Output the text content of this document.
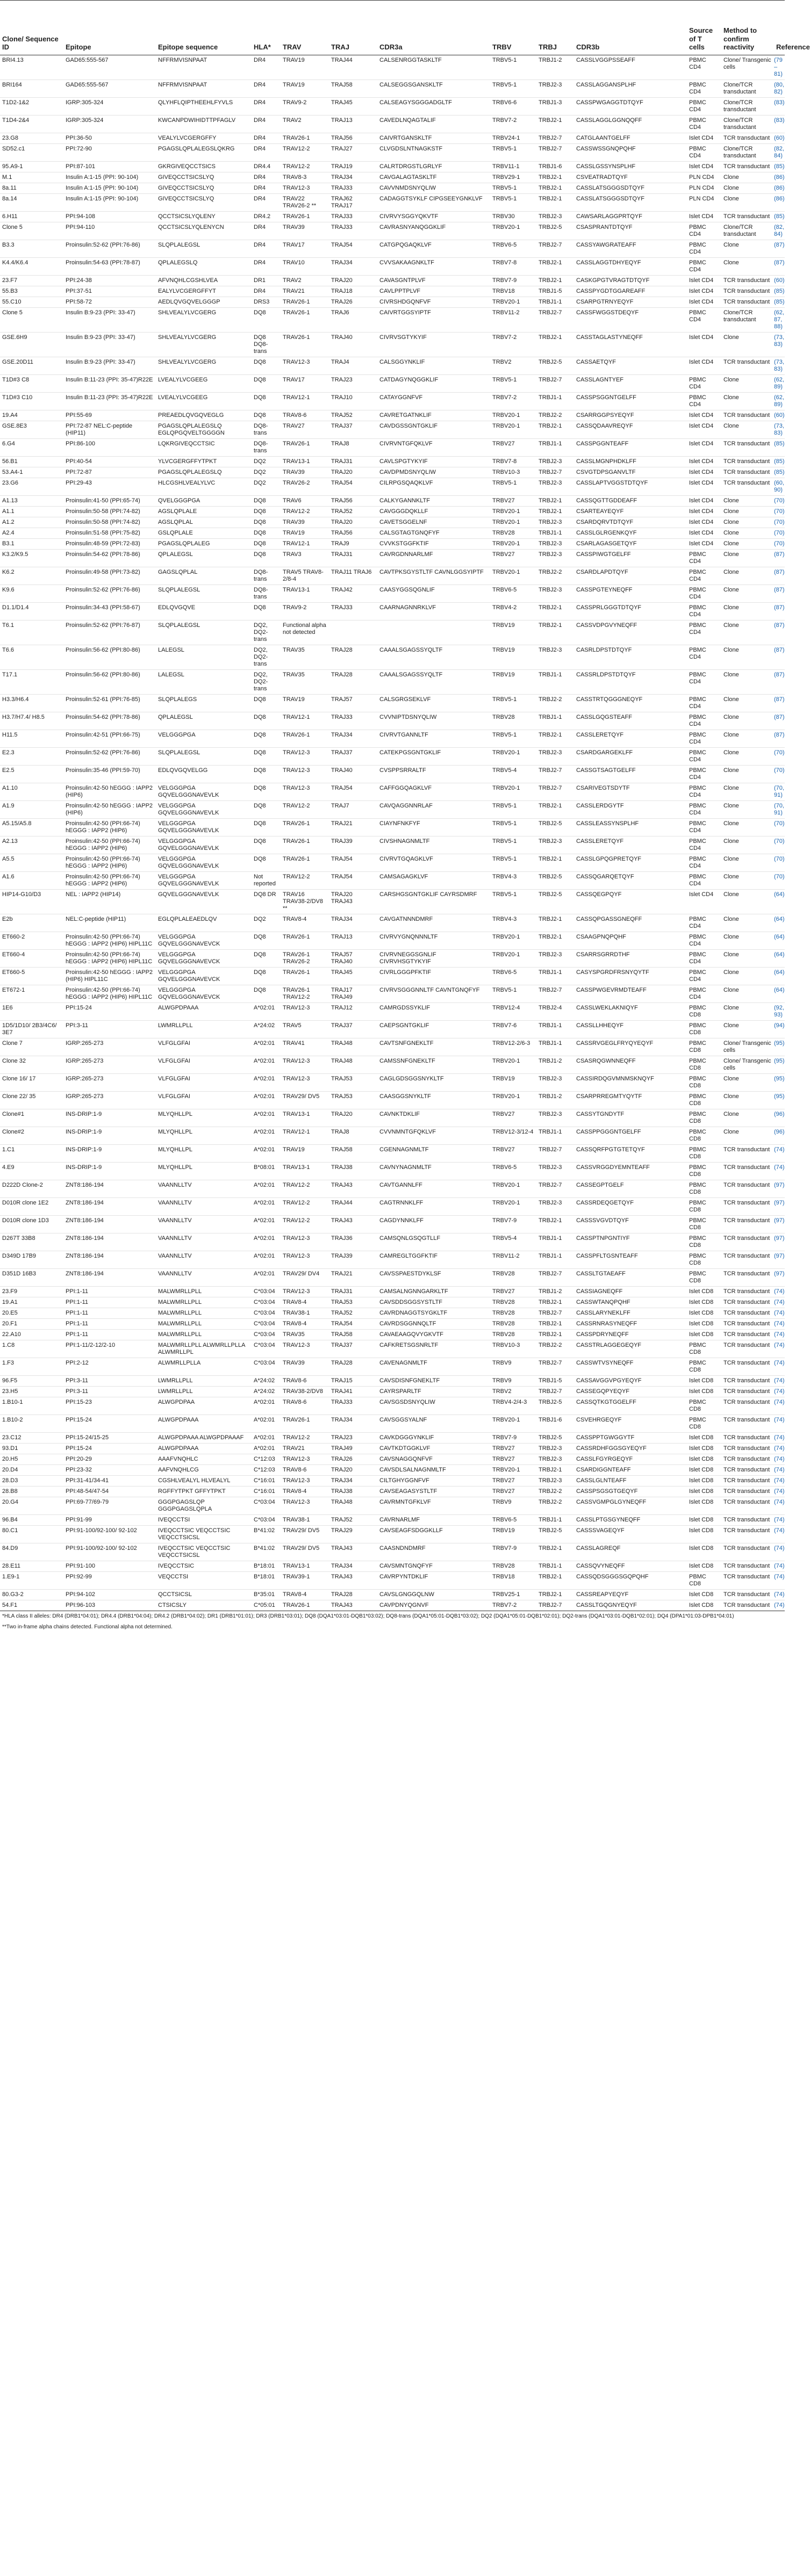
Clone/ Sequence ID	Epitope	Epitope sequence	HLA*	TRAV	TRAJ	CDR3a	TRBV	TRBJ	CDR3b	Source of T cells	Method to confirm reactivity	Reference
BRI4.13	GAD65:555-567	NFFRMVISNPAAT	DR4	TRAV19	TRAJ44	CALSENRGGTASKLTF	TRBV5-1	TRBJ1-2	CASSLVGGPSSEAFF	PBMC CD4	Clone/ Transgenic cells	(79–81)
BRI164	GAD65:555-567	NFFRMVISNPAAT	DR4	TRAV19	TRAJ58	CALSEGGSGANSKLTF	TRBV5-1	TRBJ2-3	CASSLAGGANSPLHF	PBMC CD4	Clone/TCR transductant	(80, 82)
T1D2-1&2	IGRP:305-324	QLYHFLQIPTHEEHLFYVLS	DR4	TRAV9-2	TRAJ45	CALSEAGYSGGGADGLTF	TRBV6-6	TRBJ1-3	CASSPWGAGGTDTQYF	PBMC CD4	Clone/TCR transductant	(83)
T1D4-2&4	IGRP:305-324	KWCANPDWIHIDTTPFAGLV	DR4	TRAV2	TRAJ13	CAVEDLNQAGTALIF	TRBV7-2	TRBJ2-1	CASSLAGGLGGNQQFF	PBMC CD4	Clone/TCR transductant	(83)
23.G8	PPI:36-50	VEALYLVCGERGFFY	DR4	TRAV26-1	TRAJ56	CAIVRTGANSKLTF	TRBV24-1	TRBJ2-7	CATGLAANTGELFF	Islet CD4	TCR transductant	(60)
SD52.c1	PPI:72-90	PGAGSLQPLALEGSLQKRG	DR4	TRAV12-2	TRAJ27	CLVGDSLNTNAGKSTF	TRBV5-1	TRBJ2-7	CASSWSSGNQPQHF	PBMC CD4	Clone/TCR transductant	(82, 84)
95.A9-1	PPI:87-101	GKRGIVEQCCTSICS	DR4.4	TRAV12-2	TRAJ19	CALRTDRGSTLGRLYF	TRBV11-1	TRBJ1-6	CASSLGSSYNSPLHF	Islet CD4	TCR transductant	(85)
M.1	Insulin A:1-15 (PPI: 90-104)	GIVEQCCTSICSLYQ	DR4	TRAV8-3	TRAJ34	CAVGALAGTASKLTF	TRBV29-1	TRBJ2-1	CSVEATRADTQYF	PLN CD4	Clone	(86)
8a.11	Insulin A:1-15 (PPI: 90-104)	GIVEQCCTSICSLYQ	DR4	TRAV12-3	TRAJ33	CAVVNMDSNYQLIW	TRBV5-1	TRBJ2-1	CASSLATSGGGSDTQYF	PLN CD4	Clone	(86)
8a.14	Insulin A:1-15 (PPI: 90-104)	GIVEQCCTSICSLYQ	DR4	TRAV22 TRAV26-2 **	TRAJ62 TRAJ17	CADAGGTSYKLF CIPGSEEYGNKLVF	TRBV5-1	TRBJ2-1	CASSLATSGGGSDTQYF	PLN CD4	Clone	(86)
6.H11	PPI:94-108	QCCTSICSLYQLENY	DR4.2	TRAV26-1	TRAJ33	CIVRVYSGGYQKVTF	TRBV30	TRBJ2-3	CAWSARLAGGPRTQYF	Islet CD4	TCR transductant	(85)
Clone 5	PPI:94-110	QCCTSICSLYQLENYCN	DR4	TRAV39	TRAJ33	CAVRASNYANQGGKLIF	TRBV20-1	TRBJ2-5	CSASPRANTDTQYF	PBMC CD4	Clone/TCR transductant	(82, 84)
B3.3	Proinsulin:52-62 (PPI:76-86)	SLQPLALEGSL	DR4	TRAV17	TRAJ54	CATGPQGAQKLVF	TRBV6-5	TRBJ2-7	CASSYAWGRATEAFF	PBMC CD4	Clone	(87)
K4.4/K6.4	Proinsulin:54-63 (PPI:78-87)	QPLALEGSLQ	DR4	TRAV10	TRAJ34	CVVSAKAAGNKLTF	TRBV7-8	TRBJ2-1	CASSLAGGTDHYEQYF	PBMC CD4	Clone	(87)
23.F7	PPI:24-38	AFVNQHLCGSHLVEA	DR1	TRAV2	TRAJ20	CAVASGNTPLVF	TRBV7-9	TRBJ2-1	CASKGPGTVRAGTDTQYF	Islet CD4	TCR transductant	(60)
55.B3	PPI:37-51	EALYLVCGERGFFYT	DR4	TRAV21	TRAJ18	CAVLPPTPLVF	TRBV18	TRBJ1-5	CASSPYGDTGGAREAFF	Islet CD4	TCR transductant	(85)
55.C10	PPI:58-72	AEDLQVGQVELGGGP	DRS3	TRAV26-1	TRAJ26	CIVRSHDGQNFVF	TRBV20-1	TRBJ1-1	CSARPGTRNYEQYF	Islet CD4	TCR transductant	(85)
Clone 5	Insulin B:9-23 (PPI: 33-47)	SHLVEALYLVCGERG	DQ8	TRAV26-1	TRAJ6	CAIVRTGGSYIPTF	TRBV11-2	TRBJ2-7	CASSFWGGSTDEQYF	PBMC CD4	Clone/TCR transductant	(62, 87, 88)
GSE.6H9	Insulin B:9-23 (PPI: 33-47)	SHLVEALYLVCGERG	DQ8 DQ8-trans	TRAV26-1	TRAJ40	CIVRVSGTYKYIF	TRBV7-2	TRBJ2-1	CASSTAGLASTYNEQFF	Islet CD4	Clone	(73, 83)
GSE.20D11	Insulin B:9-23 (PPI: 33-47)	SHLVEALYLVCGERG	DQ8	TRAV12-3	TRAJ4	CALSGGYNKLIF	TRBV2	TRBJ2-5	CASSAETQYF	Islet CD4	TCR transductant	(73, 83)
T1D#3 C8	Insulin B:11-23 (PPI: 35-47)R22E	LVEALYLVCGEEG	DQ8	TRAV17	TRAJ23	CATDAGYNQGGKLIF	TRBV5-1	TRBJ2-7	CASSLAGNTYEF	PBMC CD4	Clone	(62, 89)
T1D#3 C10	Insulin B:11-23 (PPI: 35-47)R22E	LVEALYLVCGEEG	DQ8	TRAV12-1	TRAJ10	CATAYGGNFVF	TRBV7-2	TRBJ1-1	CASSPSGGNTGELFF	PBMC CD4	Clone	(62, 89)
19.A4	PPI:55-69	PREAEDLQVGQVEGLG	DQ8	TRAV8-6	TRAJ52	CAVRETGATNKLIF	TRBV20-1	TRBJ2-2	CSARRGGPSYEQYF	Islet CD4	TCR transductant	(60)
GSE.8E3	PPI:72-87 NEL:C-peptide (HIP11)	PGAGSLQPLALEGSLQ EGLQPGQVELTGGGGN	DQ8-trans	TRAV27	TRAJ37	CAVDGSSGNTGKLIF	TRBV20-1	TRBJ2-1	CASSQDAAVREQYF	Islet CD4	Clone	(73, 83)
6.G4	PPI:86-100	LQKRGIVEQCCTSIC	DQ8-trans	TRAV26-1	TRAJ8	CIVRVNTGFQKLVF	TRBV27	TRBJ1-1	CASSPGGNTEAFF	Islet CD4	TCR transductant	(85)
56.B1	PPI:40-54	YLVCGERGFFYTPKT	DQ2	TRAV13-1	TRAJ31	CAVLSPGTYKYIF	TRBV7-8	TRBJ2-3	CASSLMGNPHDKLFF	Islet CD4	TCR transductant	(85)
53.A4-1	PPI:72-87	PGAGSLQPLALEGSLQ	DQ2	TRAV39	TRAJ20	CAVDPMDSNYQLIW	TRBV10-3	TRBJ2-7	CSVGTDPSGANVLTF	Islet CD4	TCR transductant	(85)
23.G6	PPI:29-43	HLCGSHLVEALYLVC	DQ2	TRAV26-2	TRAJ54	CILRPGSQAQKLVF	TRBV5-1	TRBJ2-3	CASSLAPTVGGSTDTQYF	Islet CD4	TCR transductant	(60, 90)
A1.13	Proinsulin:41-50 (PPI:65-74)	QVELGGGPGA	DQ8	TRAV6	TRAJ56	CALKYGANNKLTF	TRBV27	TRBJ2-1	CASSQGTTGDDEAFF	Islet CD4	Clone	(70)
A1.1	Proinsulin:50-58 (PPI:74-82)	AGSLQPLALE	DQ8	TRAV12-2	TRAJ52	CAVGGGDQKLLF	TRBV20-1	TRBJ2-1	CSARTEAYEQYF	Islet CD4	Clone	(70)
A1.2	Proinsulin:50-58 (PPI:74-82)	AGSLQPLAL	DQ8	TRAV39	TRAJ20	CAVETSGGELNF	TRBV20-1	TRBJ2-3	CSARDQRVTDTQYF	Islet CD4	Clone	(70)
A2.4	Proinsulin:51-58 (PPI:75-82)	GSLQPLALE	DQ8	TRAV19	TRAJ56	CALSGTAGTGNQFYF	TRBV28	TRBJ1-1	CASSLGLRGENKQYF	Islet CD4	Clone	(70)
B3.1	Proinsulin:48-59 (PPI:72-83)	PGAGSLQPLALEG	DQ8	TRAV12-1	TRAJ9	CVVKSTGGFKTIF	TRBV20-1	TRBJ2-3	CSARLAGASGETQYF	Islet CD4	Clone	(70)
K3.2/K9.5	Proinsulin:54-62 (PPI:78-86)	QPLALEGSL	DQ8	TRAV3	TRAJ31	CAVRGDNNARLMF	TRBV27	TRBJ2-3	CASSPIWGTGELFF	PBMC CD4	Clone	(87)
K6.2	Proinsulin:49-58 (PPI:73-82)	GAGSLQPLAL	DQ8-trans	TRAV5 TRAV8-2/8-4	TRAJ11 TRAJ6	CAVTPKSGYSTLTF CAVNLGGSYIPTF	TRBV20-1	TRBJ2-2	CSARDLAPDTQYF	PBMC CD4	Clone	(87)
K9.6	Proinsulin:52-62 (PPI:76-86)	SLQPLALEGSL	DQ8-trans	TRAV13-1	TRAJ42	CAASYGGSQGNLIF	TRBV6-5	TRBJ2-3	CASSPGTEYNEQFF	PBMC CD4	Clone	(87)
D1.1/D1.4	Proinsulin:34-43 (PPI:58-67)	EDLQVGQVE	DQ8	TRAV9-2	TRAJ33	CAARNAGNNRKLVF	TRBV4-2	TRBJ2-1	CASSPRLGGGTDTQYF	PBMC CD4	Clone	(87)
T6.1	Proinsulin:52-62 (PPI:76-87)	SLQPLALEGSL	DQ2, DQ2-trans	Functional alpha not detected			TRBV19	TRBJ2-1	CASSVDPGVYNEQFF	PBMC CD4	Clone	(87)
T6.6	Proinsulin:56-62 (PPI:80-86)	LALEGSL	DQ2, DQ2-trans	TRAV35	TRAJ28	CAAALSGAGSSYQLTF	TRBV19	TRBJ2-3	CASRLDPSTDTQYF	PBMC CD4	Clone	(87)
T17.1	Proinsulin:56-62 (PPI:80-86)	LALEGSL	DQ2, DQ2-trans	TRAV35	TRAJ28	CAAALSGAGSSYQLTF	TRBV19	TRBJ1-1	CASSRLDPSTDTQYF	PBMC CD4	Clone	(87)
H3.3/H6.4	Proinsulin:52-61 (PPI:76-85)	SLQPLALEGS	DQ8	TRAV19	TRAJ57	CALSGRGSEKLVF	TRBV5-1	TRBJ2-2	CASSTRTQGGGNEQYF	PBMC CD4	Clone	(87)
H3.7/H7.4/ H8.5	Proinsulin:54-62 (PPI:78-86)	QPLALEGSL	DQ8	TRAV12-1	TRAJ33	CVVNIPTDSNYQLIW	TRBV28	TRBJ1-1	CASSLGQGSTEAFF	PBMC CD4	Clone	(87)
H11.5	Proinsulin:42-51 (PPI:66-75)	VELGGGPGA	DQ8	TRAV26-1	TRAJ34	CIVRVTGANNLTF	TRBV5-1	TRBJ2-1	CASSLERETQYF	PBMC CD4	Clone	(87)
E2.3	Proinsulin:52-62 (PPI:76-86)	SLQPLALEGSL	DQ8	TRAV12-3	TRAJ37	CATEKPGSGNTGKLIF	TRBV20-1	TRBJ2-3	CSARDGARGEKLFF	PBMC CD4	Clone	(70)
E2.5	Proinsulin:35-46 (PPI:59-70)	EDLQVGQVELGG	DQ8	TRAV12-3	TRAJ40	CVSPPSRRALTF	TRBV5-4	TRBJ2-7	CASSGTSAGTGELFF	PBMC CD4	Clone	(70)
A1.10	Proinsulin:42-50 hEGGG : IAPP2 (HIP6)	VELGGGPGA GQVELGGGNAVEVLK	DQ8	TRAV12-3	TRAJ54	CAFFGGQAGKLVF	TRBV20-1	TRBJ2-7	CSARIVEGTSDYTF	PBMC CD4	Clone	(70, 91)
A1.9	Proinsulin:42-50 hEGGG : IAPP2 (HIP6)	VELGGGPGA GQVELGGGNAVEVLK	DQ8	TRAV12-2	TRAJ7	CAVQAGGNNRLAF	TRBV5-1	TRBJ2-1	CASSLERDGYTF	PBMC CD4	Clone	(70, 91)
A5.15/A5.8	Proinsulin:42-50 (PPI:66-74) hEGGG : IAPP2 (HIP6)	VELGGGPGA GQVELGGGNAVEVLK	DQ8	TRAV26-1	TRAJ21	CIAYNFNKFYF	TRBV5-1	TRBJ2-5	CASSLEASSYNSPLHF	PBMC CD4	Clone	(70)
A2.13	Proinsulin:42-50 (PPI:66-74) hEGGG : IAPP2 (HIP6)	VELGGGPGA GQVELGGGNAVEVLK	DQ8	TRAV26-1	TRAJ39	CIVSHNAGNMLTF	TRBV5-1	TRBJ2-3	CASSLERETQYF	PBMC CD4	Clone	(70)
A5.5	Proinsulin:42-50 (PPI:66-74) hEGGG : IAPP2 (HIP6)	VELGGGPGA GQVELGGGNAVEVLK	DQ8	TRAV26-1	TRAJ54	CIVRVTGQAGKLVF	TRBV5-1	TRBJ2-1	CASSLGPQGPRETQYF	PBMC CD4	Clone	(70)
A1.6	Proinsulin:42-50 (PPI:66-74) hEGGG : IAPP2 (HIP6)	VELGGGPGA GQVELGGGNAVEVLK	Not reported	TRAV12-2	TRAJ54	CAMSAGAGKLVF	TRBV4-3	TRBJ2-5	CASSQGARQETQYF	PBMC CD4	Clone	(70)
HIP14-G10/D3	NEL : IAPP2 (HIP14)	GQVELGGGNAVEVLK	DQ8 DR	TRAV16 TRAV38-2/DV8 **	TRAJ20 TRAJ43	CARSHGSGNTGKLIF CAYRSDMRF	TRBV5-1	TRBJ2-5	CASSQEGPQYF	Islet CD4	Clone	(64)
E2b	NEL:C-peptide (HIP11)	EGLQPLALEAEDLQV	DQ2	TRAV8-4	TRAJ34	CAVGATNNNDMRF	TRBV4-3	TRBJ2-1	CASSQPGASSGNEQFF	PBMC CD4	Clone	(64)
ET660-2	Proinsulin:42-50 (PPI:66-74) hEGGG : IAPP2 (HIP6) HIPL11C	VELGGGPGA GQVELGGGNAVEVCK	DQ8	TRAV26-1	TRAJ13	CIVRVYGNQNNNLTF	TRBV20-1	TRBJ2-1	CSAAGPNQPQHF	PBMC CD4	Clone	(64)
ET660-4	Proinsulin:42-50 (PPI:66-74) hEGGG : IAPP2 (HIP6) HIPL11C	VELGGGPGA GQVELGGGNAVEVCK	DQ8	TRAV26-1 TRAV26-2	TRAJ57 TRAJ40	CIVRVNEGGSGNLIF CIVRVHSGTYKYIF	TRBV20-1	TRBJ2-3	CSARRSGRRDTHF	PBMC CD4	Clone	(64)
ET660-5	Proinsulin:42-50 hEGGG : IAPP2 (HIP6) HIPL11C	VELGGGPGA GQVELGGGNAVEVCK	DQ8	TRAV26-1	TRAJ45	CIVRLGGGPFKTIF	TRBV6-5	TRBJ1-1	CASYSPGRDFRSNYQYTF	PBMC CD4	Clone	(64)
ET672-1	Proinsulin:42-50 (PPI:66-74) hEGGG : IAPP2 (HIP6) HIPL11C	VELGGGPGA GQVELGGGNAVEVCK	DQ8	TRAV26-1 TRAV12-2	TRAJ17 TRAJ49	CIVRVSGGGNNLTF CAVNTGNQFYF	TRBV5-1	TRBJ2-7	CASSPWGEVRMDTEAFF	PBMC CD4	Clone	(64)
1E6	PPI:15-24	ALWGPDPAAA	A*02:01	TRAV12-3	TRAJ12	CAMRGDSSYKLIF	TRBV12-4	TRBJ2-4	CASSLWEKLAKNIQYF	PBMC CD8	Clone	(92, 93)
1D5/1D10/ 2B3/4C6/ 3E7	PPI:3-11	LWMRLLPLL	A*24:02	TRAV5	TRAJ37	CAEPSGNTGKLIF	TRBV7-6	TRBJ1-1	CASSLLHHEQYF	PBMC CD8	Clone	(94)
Clone 7	IGRP:265-273	VLFGLGFAI	A*02:01	TRAV41	TRAJ48	CAVTSNFGNEKLTF	TRBV12-2/6-3	TRBJ1-1	CASSRVGEGLFRYQYEQYF	PBMC CD8	Clone/ Transgenic cells	(95)
Clone 32	IGRP:265-273	VLFGLGFAI	A*02:01	TRAV12-3	TRAJ48	CAMSSNFGNEKLTF	TRBV20-1	TRBJ1-2	CSASRQGWNNEQFF	PBMC CD8	Clone/ Transgenic cells	(95)
Clone 16/ 17	IGRP:265-273	VLFGLGFAI	A*02:01	TRAV12-3	TRAJ53	CAGLGDSGGSNYKLTF	TRBV19	TRBJ2-3	CASSIRDQGVMNMSKNQYF	PBMC CD8	Clone	(95)
Clone 22/ 35	IGRP:265-273	VLFGLGFAI	A*02:01	TRAV29/ DV5	TRAJ53	CAASGGSNYKLTF	TRBV20-1	TRBJ1-2	CSARPRREGMTYQYTF	PBMC CD8	Clone	(95)
Clone#1	INS-DRIP:1-9	MLYQHLLPL	A*02:01	TRAV13-1	TRAJ20	CAVNKTDKLIF	TRBV27	TRBJ2-3	CASSYTGNDYTF	PBMC CD8	Clone	(96)
Clone#2	INS-DRIP:1-9	MLYQHLLPL	A*02:01	TRAV12-1	TRAJ8	CVVNMNTGFQKLVF	TRBV12-3/12-4	TRBJ1-1	CASSPPGGGNTGELFF	PBMC CD8	Clone	(96)
1.C1	INS-DRIP:1-9	MLYQHLLPL	A*02:01	TRAV19	TRAJ58	CGENNAGNMLTF	TRBV27	TRBJ2-7	CASSQRFPGTGTETQYF	PBMC CD8	TCR transductant	(74)
4.E9	INS-DRIP:1-9	MLYQHLLPL	B*08:01	TRAV13-1	TRAJ38	CAVNYNAGNMLTF	TRBV6-5	TRBJ2-3	CASSVRGGDYEMNTEAFF	PBMC CD8	TCR transductant	(74)
D222D Clone-2	ZNT8:186-194	VAANNLLTV	A*02:01	TRAV12-2	TRAJ43	CAVTGANNLFF	TRBV20-1	TRBJ2-7	CASSEGPTGELF	PBMC CD8	TCR transductant	(97)
D010R clone 1E2	ZNT8:186-194	VAANNLLTV	A*02:01	TRAV12-2	TRAJ44	CAGTRNNKLFF	TRBV20-1	TRBJ2-3	CASSRDEQGETQYF	PBMC CD8	TCR transductant	(97)
D010R clone 1D3	ZNT8:186-194	VAANNLLTV	A*02:01	TRAV12-2	TRAJ43	CAGDYNNKLFF	TRBV7-9	TRBJ2-1	CASSSVGVDTQYF	PBMC CD8	TCR transductant	(97)
D267T 33B8	ZNT8:186-194	VAANNLLTV	A*02:01	TRAV12-3	TRAJ36	CAMSQNLGSQGTLLF	TRBV5-4	TRBJ1-1	CASSPTNPGNTIYF	PBMC CD8	TCR transductant	(97)
D349D 17B9	ZNT8:186-194	VAANNLLTV	A*02:01	TRAV12-3	TRAJ39	CAMREGLTGGFKTIF	TRBV11-2	TRBJ1-1	CASSPFLTGSNTEAFF	PBMC CD8	TCR transductant	(97)
D351D 16B3	ZNT8:186-194	VAANNLLTV	A*02:01	TRAV29/ DV4	TRAJ21	CAVSSPAESTDYKLSF	TRBV28	TRBJ2-7	CASSLTGTAEAFF	PBMC CD8	TCR transductant	(97)
23.F9	PPI:1-11	MALWMRLLPLL	C*03:04	TRAV12-3	TRAJ31	CAMSALNGNNGARKLTF	TRBV27	TRBJ1-2	CASSIAGNEQFF	Islet CD8	TCR transductant	(74)
19.A1	PPI:1-11	MALWMRLLPLL	C*03:04	TRAV8-4	TRAJ53	CAVSDDSGGSYSTLTF	TRBV28	TRBJ2-1	CASSWTANQPQHF	Islet CD8	TCR transductant	(74)
20.E5	PPI:1-11	MALWMRLLPLL	C*03:04	TRAV38-1	TRAJ52	CAVRDNAGGTSYGKLTF	TRBV28	TRBJ2-7	CASSLARYNEKLFF	Islet CD8	TCR transductant	(74)
20.F1	PPI:1-11	MALWMRLLPLL	C*03:04	TRAV8-4	TRAJ54	CAVRDSGGNNQLTF	TRBV28	TRBJ2-1	CASSRNRASYNEQFF	Islet CD8	TCR transductant	(74)
22.A10	PPI:1-11	MALWMRLLPLL	C*03:04	TRAV35	TRAJ58	CAVAEAAGQVYGKVTF	TRBV28	TRBJ2-1	CASSPDRYNEQFF	Islet CD8	TCR transductant	(74)
1.C8	PPI:1-11/2-12/2-10	MALWMRLLPLL ALWMRLLPLLA ALWMRLLPL	C*03:04	TRAV12-3	TRAJ37	CAFKRETSGSNRLTF	TRBV10-3	TRBJ2-2	CASSTRLAGGEGEQYF	PBMC CD8	TCR transductant	(74)
1.F3	PPI:2-12	ALWMRLLPLLA	C*03:04	TRAV39	TRAJ28	CAVENAGNMLTF	TRBV9	TRBJ2-7	CASSWTVSYNEQFF	PBMC CD8	TCR transductant	(74)
96.F5	PPI:3-11	LWMRLLPLL	A*24:02	TRAV8-6	TRAJ15	CAVSDISNFGNEKLTF	TRBV9	TRBJ1-5	CASSAVGGVPGYEQYF	Islet CD8	TCR transductant	(74)
23.H5	PPI:3-11	LWMRLLPLL	A*24:02	TRAV38-2/DV8	TRAJ41	CAYRSPARLTF	TRBV2	TRBJ2-7	CASSEGQPYEQYF	Islet CD8	TCR transductant	(74)
1.B10-1	PPI:15-23	ALWGPDPAA	A*02:01	TRAV8-6	TRAJ33	CAVSGSDSNYQLIW	TRBV4-2/4-3	TRBJ2-5	CASSQTKGTGGELFF	PBMC CD8	TCR transductant	(74)
1.B10-2	PPI:15-24	ALWGPDPAAA	A*02:01	TRAV26-1	TRAJ34	CAVSGGSYALNF	TRBV20-1	TRBJ1-6	CSVEHRGEQYF	PBMC CD8	TCR transductant	(74)
23.C12	PPI:15-24/15-25	ALWGPDPAAA ALWGPDPAAAF	A*02:01	TRAV12-2	TRAJ23	CAVKDGGGYNKLIF	TRBV7-9	TRBJ2-5	CASSPPTGWGGYTF	Islet CD8	TCR transductant	(74)
93.D1	PPI:15-24	ALWGPDPAAA	A*02:01	TRAV21	TRAJ49	CAVTKDTGGKLVF	TRBV27	TRBJ2-3	CASSRDHFGGSGYEQYF	Islet CD8	TCR transductant	(74)
20.H5	PPI:20-29	AAAFVNQHLC	C*12:03	TRAV12-3	TRAJ26	CAVSNAGGQNFVF	TRBV27	TRBJ2-3	CASSLFGYRGEQYF	Islet CD8	TCR transductant	(74)
20.D4	PPI:23-32	AAFVNQHLCG	C*12:03	TRAV8-6	TRAJ20	CAVSDLSALNAGNMLTF	TRBV20-1	TRBJ2-1	CSARDIGGNTEAFF	Islet CD8	TCR transductant	(74)
28.D3	PPI:31-41/34-41	CGSHLVEALYL HLVEALYL	C*16:01	TRAV12-3	TRAJ34	CILTGHYGGNFVF	TRBV27	TRBJ2-3	CASSLGLNTEAFF	Islet CD8	TCR transductant	(74)
28.B8	PPI:48-54/47-54	RGFFYTPKT GFFYTPKT	C*16:01	TRAV8-4	TRAJ38	CAVSEAGASYSTLTF	TRBV27	TRBJ2-2	CASSPSGSGTGEQYF	Islet CD8	TCR transductant	(74)
20.G4	PPI:69-77/69-79	GGGPGAGSLQP GGGPGAGSLQPLA	C*03:04	TRAV12-3	TRAJ48	CAVRMNTGFKLVF	TRBV9	TRBJ2-2	CASSVGMPGLGYNEQFF	Islet CD8	TCR transductant	(74)
96.B4	PPI:91-99	IVEQCCTSI	C*03:04	TRAV38-1	TRAJ52	CAVRNARLMF	TRBV6-5	TRBJ1-1	CASSLPTGSGYNEQFF	Islet CD8	TCR transductant	(74)
80.C1	PPI:91-100/92-100/ 92-102	IVEQCCTSIC VEQCCTSIC VEQCCTSICSL	B*41:02	TRAV29/ DV5	TRAJ29	CAVSEAGFSDGGKLLF	TRBV19	TRBJ2-5	CASSSVAGEQYF	Islet CD8	TCR transductant	(74)
84.D9	PPI:91-100/92-100/ 92-102	IVEQCCTSIC VEQCCTSIC VEQCCTSICSL	B*41:02	TRAV29/ DV5	TRAJ43	CAASNDNDMRF	TRBV7-9	TRBJ2-1	CASSLAGREQF	Islet CD8	TCR transductant	(74)
28.E11	PPI:91-100	IVEQCCTSIC	B*18:01	TRAV13-1	TRAJ34	CAVSMNTGNQFYF	TRBV28	TRBJ1-1	CASSQVYNEQFF	Islet CD8	TCR transductant	(74)
1.E9-1	PPI:92-99	VEQCCTSI	B*18:01	TRAV39-1	TRAJ43	CAVRPYNTDKLIF	TRBV18	TRBJ2-1	CASSQDSGGGSGQPQHF	PBMC CD8	TCR transductant	(74)
80.G3-2	PPI:94-102	QCCTSICSL	B*35:01	TRAV8-4	TRAJ28	CAVSLGNGGQLNW	TRBV25-1	TRBJ2-1	CASSREAPYEQYF	Islet CD8	TCR transductant	(74)
54.F1	PPI:96-103	CTSICSLY	C*05:01	TRAV26-1	TRAJ43	CAVPDNYQGNVF	TRBV7-2	TRBJ2-7	CASSLTGQGNYEQYF	Islet CD8	TCR transductant	(74)
*HLA class II alleles: DR4 (DRB1*04:01); DR4.4 (DRB1*04:04); DR4.2 (DRB1*04:02); DR1 (DRB1*01:01); DR3 (DRB1*03:01); DQ8 (DQA1*03:01-DQB1*03:02); DQ8-trans (DQA1*05:01-DQB1*03:02); DQ2 (DQA1*05:01-DQB1*02:01); DQ2-trans (DQA1*03:01-DQB1*02:01); DQ4 (DPA1*01:03-DPB1*04:01)
**Two in-frame alpha chains detected. Functional alpha not determined.
